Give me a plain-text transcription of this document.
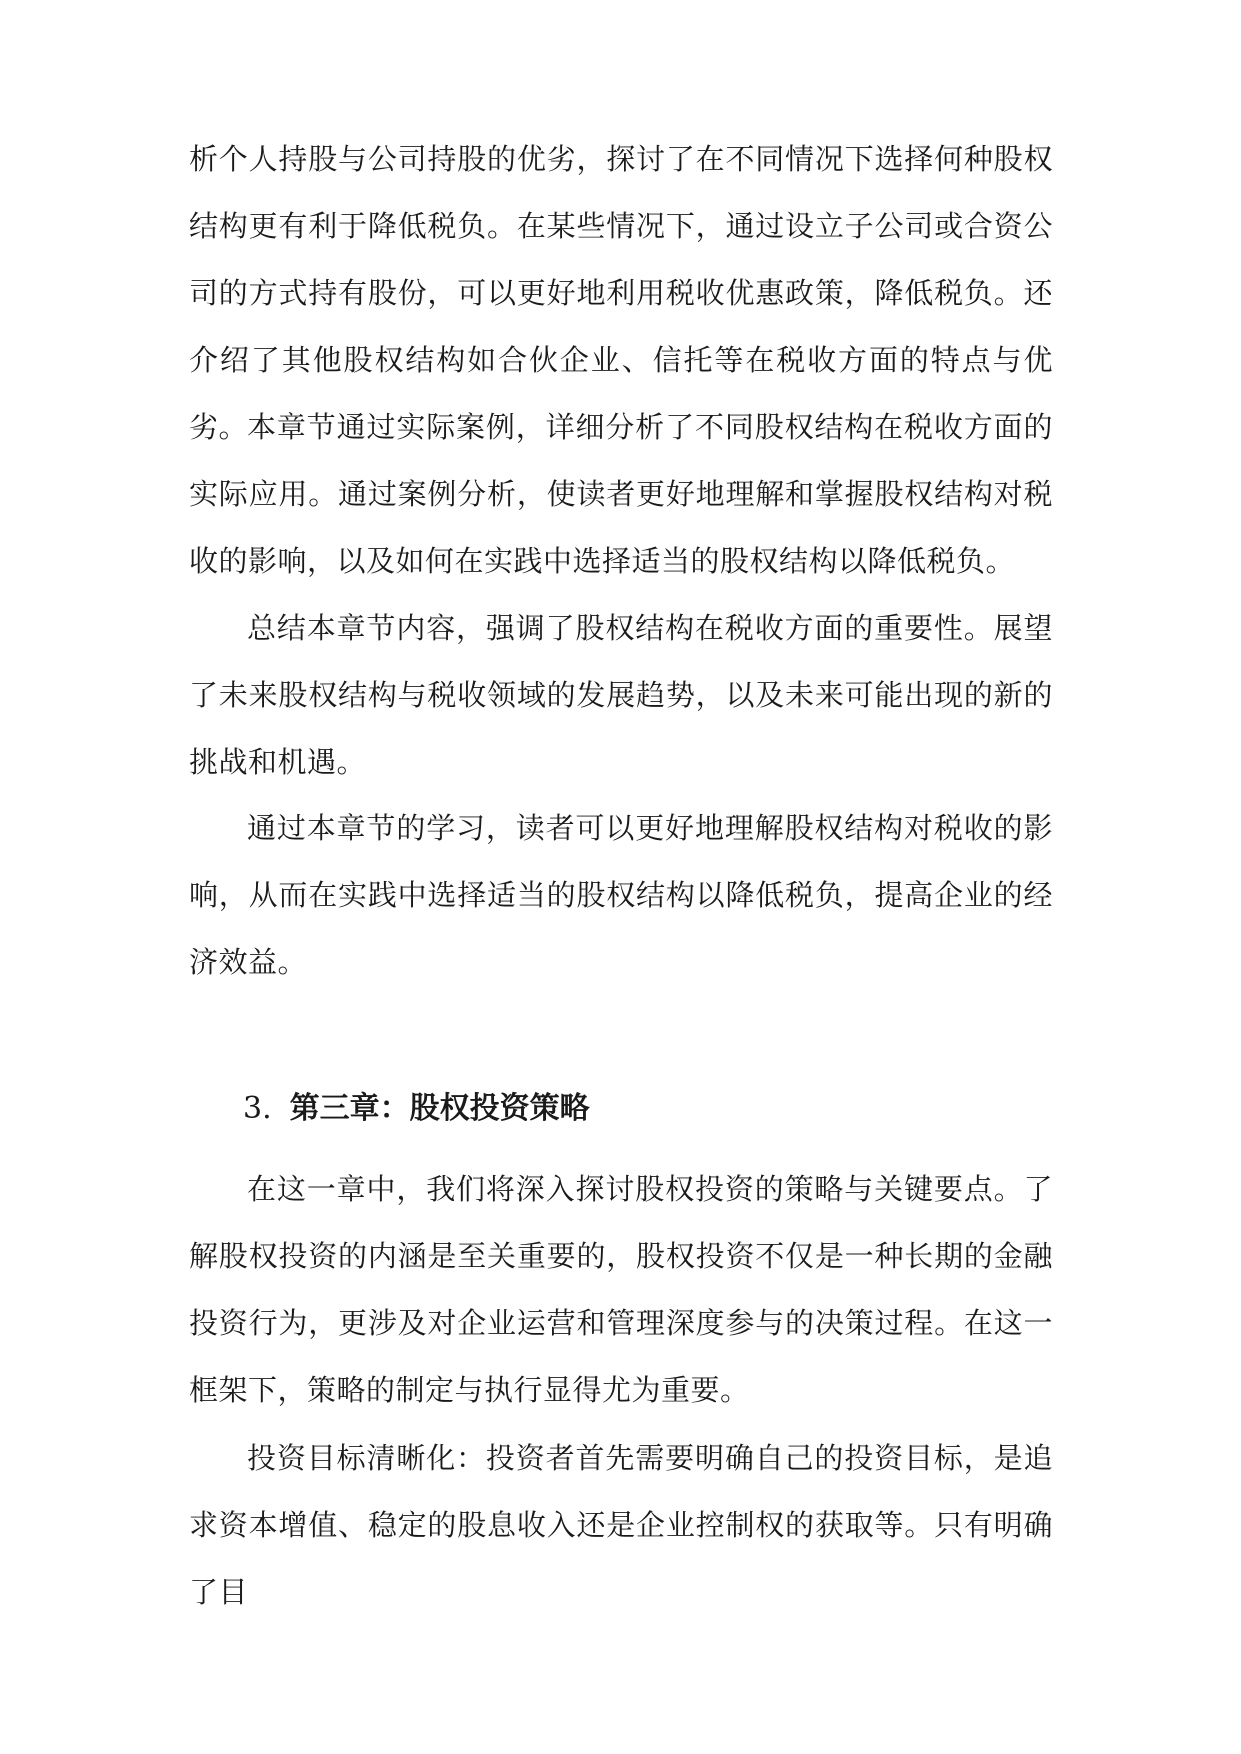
析个人持股与公司持股的优劣，探讨了在不同情况下选择何种股权结构更有利于降低税负。在某些情况下，通过设立子公司或合资公司的方式持有股份，可以更好地利用税收优惠政策，降低税负。还介绍了其他股权结构如合伙企业、信托等在税收方面的特点与优劣。

本章节通过实际案例，详细分析了不同股权结构在税收方面的实际应用。通过案例分析，使读者更好地理解和掌握股权结构对税收的影响，以及如何在实践中选择适当的股权结构以降低税负。

总结本章节内容，强调了股权结构在税收方面的重要性。展望了未来股权结构与税收领域的发展趋势，以及未来可能出现的新的挑战和机遇。

通过本章节的学习，读者可以更好地理解股权结构对税收的影响，从而在实践中选择适当的股权结构以降低税负，提高企业的经济效益。

3. 第三章：股权投资策略

在这一章中，我们将深入探讨股权投资的策略与关键要点。了解股权投资的内涵是至关重要的，股权投资不仅是一种长期的金融投资行为，更涉及对企业运营和管理深度参与的决策过程。在这一框架下，策略的制定与执行显得尤为重要。

投资目标清晰化：投资者首先需要明确自己的投资目标，是追求资本增值、稳定的股息收入还是企业控制权的获取等。只有明确了目
